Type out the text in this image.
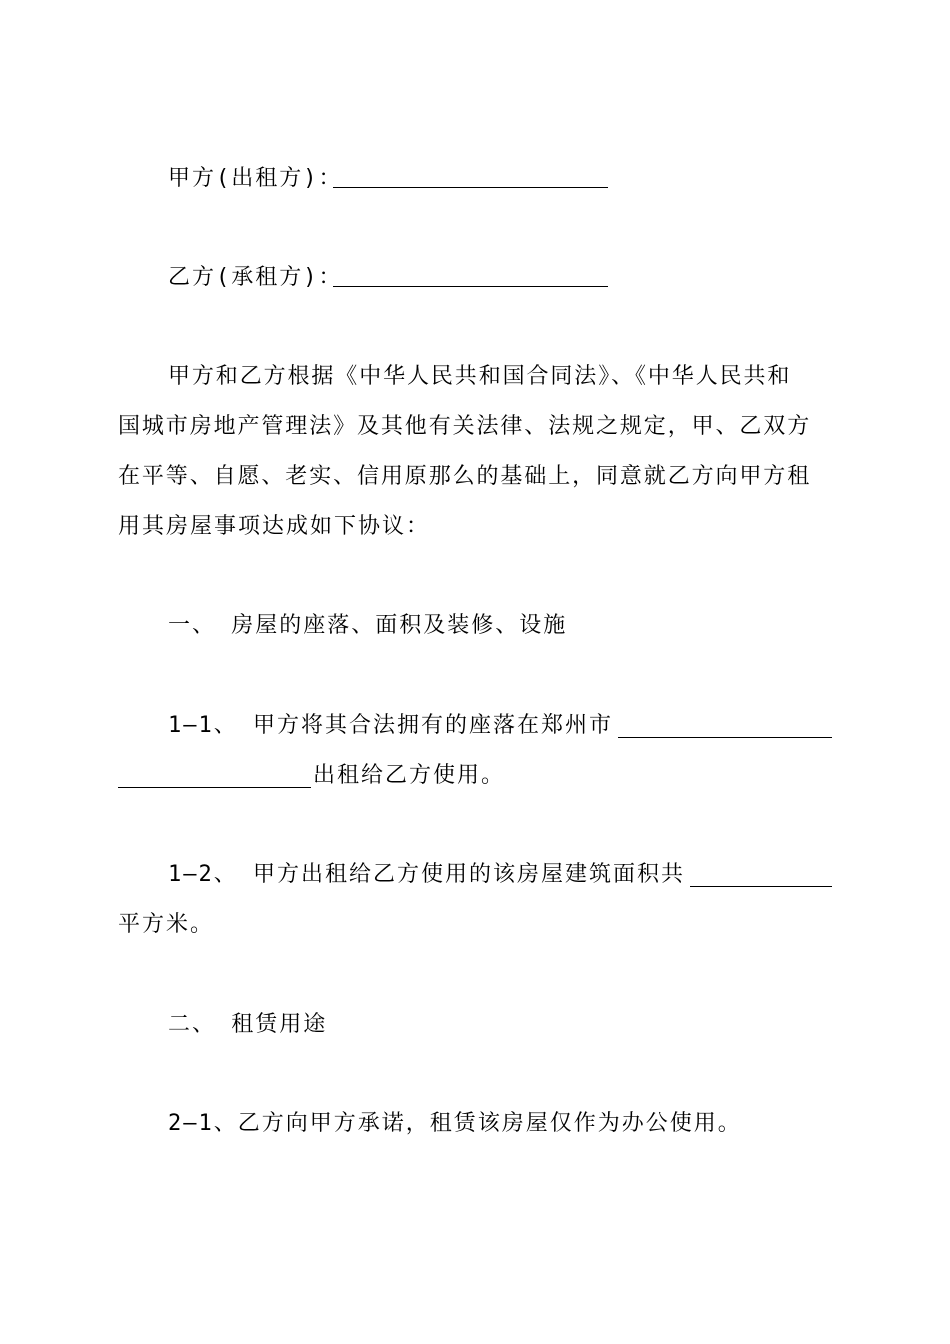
甲方(出租方)：
乙方(承租方)：
甲方和乙方根据《中华人民共和国合同法》、《中华人民共和
国城市房地产管理法》及其他有关法律、法规之规定，甲、乙双方
在平等、自愿、老实、信用原那么的基础上，同意就乙方向甲方租
用其房屋事项达成如下协议：
一、 房屋的座落、面积及装修、设施
1—1、 甲方将其合法拥有的座落在郑州市
出租给乙方使用。
1—2、 甲方出租给乙方使用的该房屋建筑面积共
平方米。
二、 租赁用途
2—1、乙方向甲方承诺，租赁该房屋仅作为办公使用。
